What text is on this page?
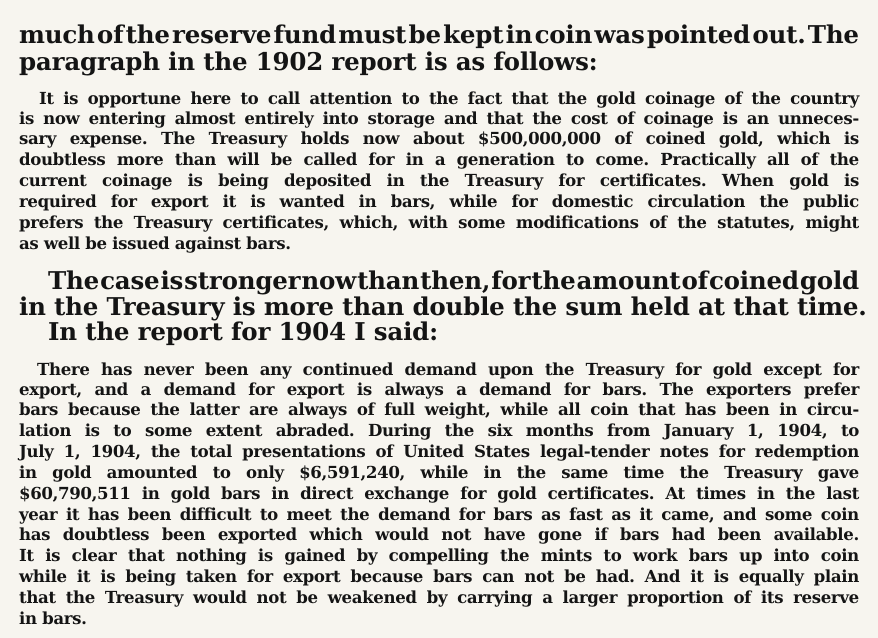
much of the reserve fund must be kept in coin was pointed out. The

paragraph in the 1902 report is as follows:

It is opportune here to call attention to the fact that the gold coinage of the country

is now entering almost entirely into storage and that the cost of coinage is an unneces-

sary expense. The Treasury holds now about $500,000,000 of coined gold, which is

doubtless more than will be called for in a generation to come. Practically all of the

current coinage is being deposited in the Treasury for certificates. When gold is

required for export it is wanted in bars, while for domestic circulation the public

prefers the Treasury certificates, which, with some modifications of the statutes, might

as well be issued against bars.

The case is stronger now than then, for the amount of coined gold

in the Treasury is more than double the sum held at that time.

In the report for 1904 I said:

There has never been any continued demand upon the Treasury for gold except for

export, and a demand for export is always a demand for bars. The exporters prefer

bars because the latter are always of full weight, while all coin that has been in circu-

lation is to some extent abraded. During the six months from January 1, 1904, to

July 1, 1904, the total presentations of United States legal-tender notes for redemption

in gold amounted to only $6,591,240, while in the same time the Treasury gave

$60,790,511 in gold bars in direct exchange for gold certificates. At times in the last

year it has been difficult to meet the demand for bars as fast as it came, and some coin

has doubtless been exported which would not have gone if bars had been available.

It is clear that nothing is gained by compelling the mints to work bars up into coin

while it is being taken for export because bars can not be had. And it is equally plain

that the Treasury would not be weakened by carrying a larger proportion of its reserve

in bars.
